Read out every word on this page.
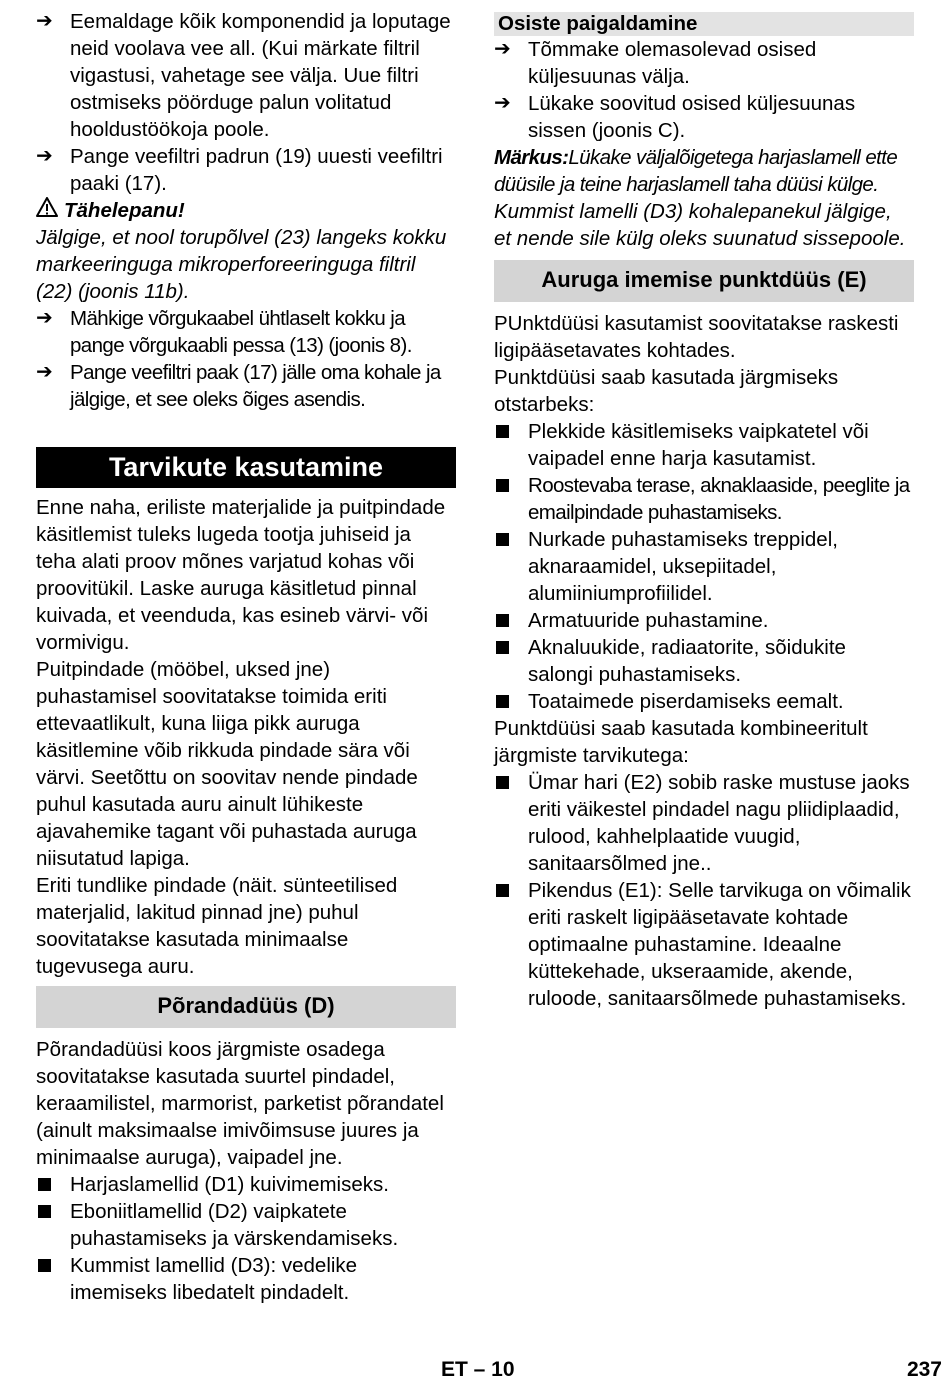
➔ Eemaldage kõik komponendid ja loputage neid voolava vee all. (Kui märkate filtril vigastusi, vahetage see välja. Uue filtri ostmiseks pöörduge palun volitatud hooldustöökoja poole.

➔ Pange veefiltri padrun (19) uuesti veefiltri paaki (17).

Tähelepanu!

Jälgige, et nool torupõlvel (23) langeks kokku markeeringuga mikroperforeeringuga filtril (22) (joonis 11b).

➔ Mähkige võrgukaabel ühtlaselt kokku ja pange võrgukaabli pessa (13) (joonis 8).

➔ Pange veefiltri paak (17) jälle oma kohale ja jälgige, et see oleks õiges asendis.

Tarvikute kasutamine

Enne naha, eriliste materjalide ja puitpindade käsitlemist tuleks lugeda tootja juhiseid ja teha alati proov mõnes varjatud kohas või proovitükil. Laske auruga käsitletud pinnal kuivada, et veenduda, kas esineb värvi- või vormivigu.

Puitpindade (mööbel, uksed jne) puhastamisel soovitatakse toimida eriti ettevaatlikult, kuna liiga pikk auruga käsitlemine võib rikkuda pindade sära või värvi. Seetõttu on soovitav nende pindade puhul kasutada auru ainult lühikeste ajavahemike tagant või puhastada auruga niisutatud lapiga.

Eriti tundlike pindade (näit. sünteetilised materjalid, lakitud pinnad jne) puhul soovitatakse kasutada minimaalse tugevusega auru.

Põrandadüüs (D)

Põrandadüüsi koos järgmiste osadega soovitatakse kasutada suurtel pindadel, keraamilistel, marmorist, parketist põrandatel (ainult maksimaalse imivõimsuse juures ja minimaalse auruga), vaipadel jne.

Harjaslamellid (D1) kuivimemiseks.

Eboniitlamellid (D2) vaipkatete puhastamiseks ja värskendamiseks.

Kummist lamellid (D3): vedelike imemiseks libedatelt pindadelt.

Osiste paigaldamine
➔ Tõmmake olemasolevad osised küljesuunas välja.

➔ Lükake soovitud osised küljesuunas sissen (joonis C).

Märkus:Lükake väljalõigetega harjaslamell ette düüsile ja teine harjaslamell taha düüsi külge.

Kummist lamelli (D3) kohalepanekul jälgige, et nende sile külg oleks suunatud sissepoole.

Auruga imemise punktdüüs (E)

PUnktdüüsi kasutamist soovitatakse raskesti ligipääsetavates kohtades.

Punktdüüsi saab kasutada järgmiseks otstarbeks:

Plekkide käsitlemiseks vaipkatetel või vaipadel enne harja kasutamist.

Roostevaba terase, aknaklaaside, peeglite ja emailpindade puhastamiseks.

Nurkade puhastamiseks treppidel, aknaraamidel, uksepiitadel, alumiiniumprofiilidel.

Armatuuride puhastamine.

Aknaluukide, radiaatorite, sõidukite salongi puhastamiseks.

Toataimede piserdamiseks eemalt.

Punktdüüsi saab kasutada kombineeritult järgmiste tarvikutega:

Ümar hari (E2) sobib raske mustuse jaoks eriti väikestel pindadel nagu pliidiplaadid, rulood, kahhelplaatide vuugid, sanitaarsõlmed jne..

Pikendus (E1): Selle tarvikuga on võimalik eriti raskelt ligipääsetavate kohtade optimaalne puhastamine. Ideaalne küttekehade, ukseraamide, akende, ruloode, sanitaarsõlmede puhastamiseks.

ET – 10	237
